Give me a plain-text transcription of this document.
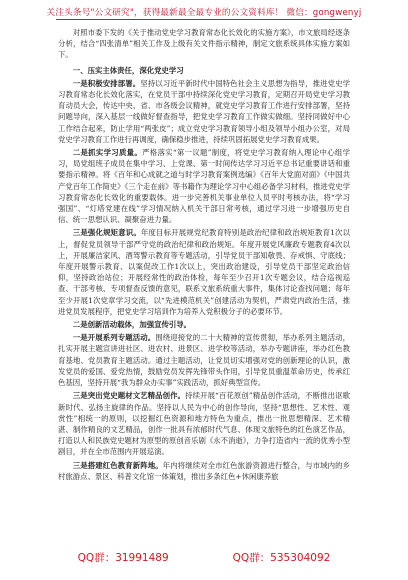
关注头条号"公文研究"，获得最新最全最专业的公文资料库！ 微信：gongwenyj

对照市委下发的《关于推动党史学习教育常态化长效化的实施方案》，市文旅局经逐条分析，结合“四张清单”相关工作及上级有关文件指示精神，制定文旅系统具体实施方案如下。

一、压实主体责任，深化党史学习

一是积极安排部署。坚持以习近平新时代中国特色社会主义思想为指导，推进党史学习教育常态化长效化落实，在党员干部中持续深化党史学习教育，定期召开局党史学习教育动员大会，传达中央、省、市各级会议精神，就党史学习教育工作进行安排部署，坚持问题导向，深入基层一线做好督查指导，把党史学习教育工作做实做细。坚持同做好中心工作结合起来，防止学用“两张皮”；成立党史学习教育领导小组及领导小组办公室，对局党史学习教育工作进行再调度，确保稳步推进，持续巩固拓展党史学习教育成果。

二是抓实学习质量。严格落实“第一议题”制度，将党史学习教育纳入理论中心组学习，局党组班子成员在集中学习、上党课、第一时间传达学习习近平总书记重要讲话和重要指示精神。将《百年和心成就之道与时学习教育案例选编》《百年大党面对面》《中国共产党百年工作简史》《三个走在前》等书籍作为理论学习中心组必备学习材料，推进党史学习教育常态化长效化的重要载体。进一步完善机关事业单位人员平时考核办法，将“学习强国”、“灯塔党建在线”学习情况纳入机关干部日常考核，通过学习进一步增强历史自信、统一思想认识、凝聚奋进力量。

三是强化规矩意识。年度目标开展规党纪教育特别是政治纪律和政治规矩教育1次以上，督促党员领导干部严守党的政治纪律和政治规矩。年度开展党风廉政专题教育4次以上，开展廉洁家风、酒驾警示教育等专题活动，引导党员干部知敬畏、存戒惧、守底线；年度开展警示教育、以案促改工作1次以上，突出政治建设，引导党员干部坚定政治信仰，坚持政治站位；开展经常性的政治体检，每年至少召开1次专题会议，结合巡视巡查、干部考核、专项督查反馈的意见，联系文旅系统重大事件，集体讨论查找问题；每年至少开展1次党章学习交流，以“先进模范机关”创建活动为契机，严肃党内政治生活，推进党员发展程序，把党史学习培训作为培养入党积极分子的必要环节。

二是创新活动载体，加强宣传引导。

一是开展系列专题活动。围绕迎接党的二十大精神的宣传贯彻，举办系列主题活动，扎实开展主题宣讲进社区、进农村、进景区、进学校等活动，举办专题讲座，举办红色教育基地、党员教育主题活动。通过主题活动，让党员切实增强对党的创新理论的认识，激发党员的爱国、爱党热情，鼓励党员发挥先锋带头作用，引导党员重温革命历史，传承红色基因，坚持开展“我为群众办实事”实践活动，抓好典型宣传。

三是突出党史题材文艺精品创作。持续开展“百花原创”精品创作活动，不断推出讴歌新时代、弘扬主旋律的作品。坚持以人民为中心的创作导向，坚持“思想性、艺术性、观赏性”相统一的原则，以挖掘红色资源和地方特色为重点，推出一批思想精深、艺术精湛、制作精良的文艺精品，创作一批具有浓郁时代气息、体现文旅特色的红色演艺作品，打造以人和民族党史题材为原型的原创音乐剧《永不消逝》，力争打造省内一流的优秀小型剧目，并在全市范围内开展巡演。

三是搭建红色教育新阵地。年内将继续对全市红色旅游资源进行整合，与市域内的乡村旅游点、景区、科普文化馆一体策划，推出多条红色+休闲康养旅

QQ群：31991489	QQ群：535304092
